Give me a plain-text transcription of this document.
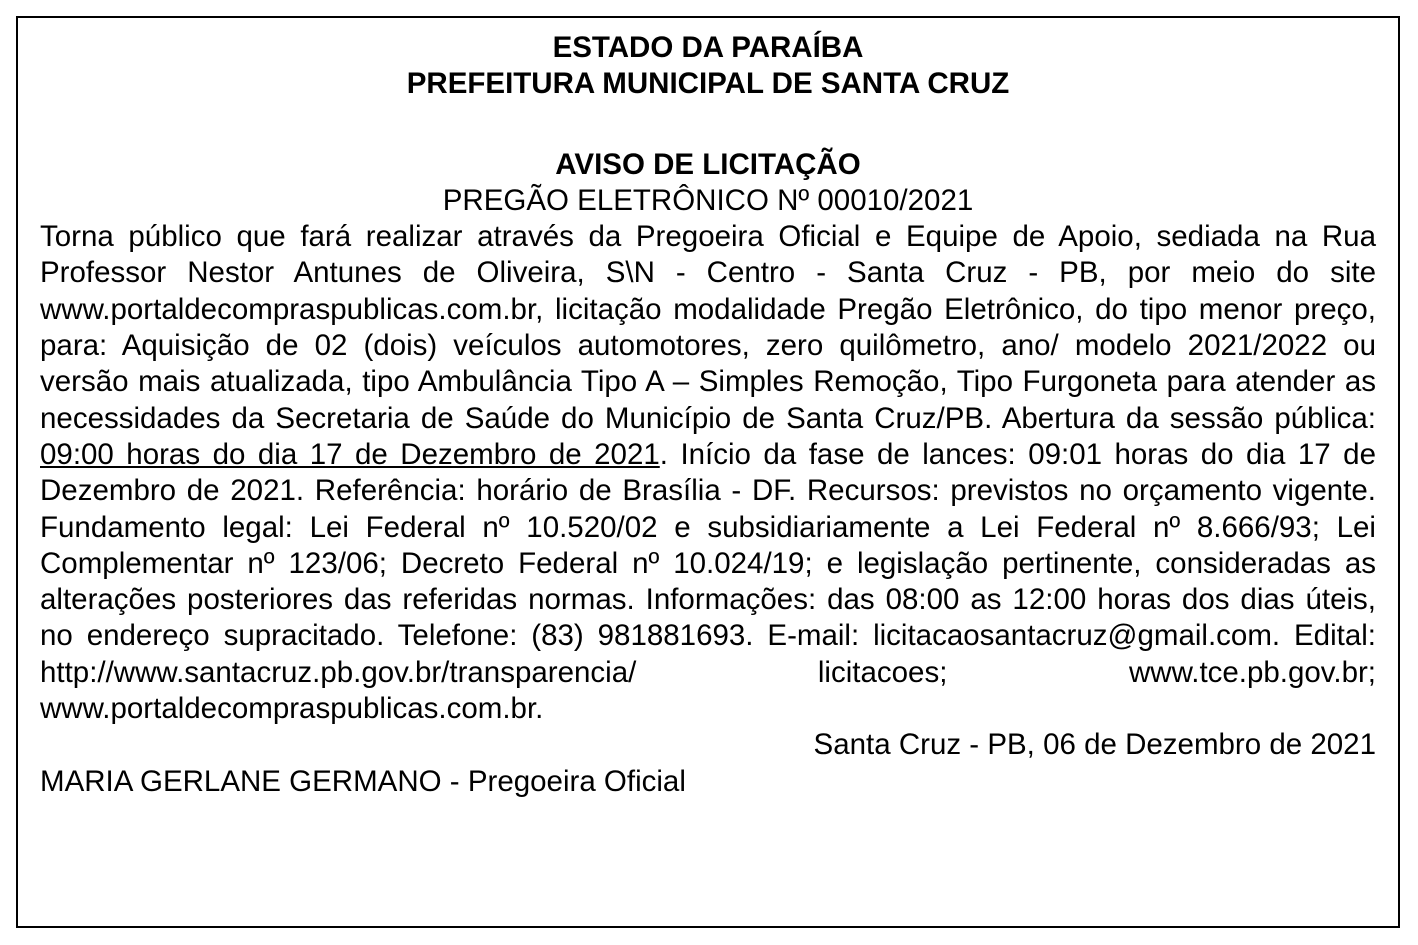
ESTADO DA PARAÍBA
PREFEITURA MUNICIPAL DE SANTA CRUZ
AVISO DE LICITAÇÃO
PREGÃO ELETRÔNICO Nº 00010/2021

Torna público que fará realizar através da Pregoeira Oficial e Equipe de Apoio, sediada na Rua Professor Nestor Antunes de Oliveira, S\N - Centro - Santa Cruz - PB, por meio do site www.portaldecompraspublicas.com.br, licitação modalidade Pregão Eletrônico, do tipo menor preço, para: Aquisição de 02 (dois) veículos automotores, zero quilômetro, ano/ modelo 2021/2022 ou versão mais atualizada, tipo Ambulância Tipo A – Simples Remoção, Tipo Furgoneta para atender as necessidades da Secretaria de Saúde do Município de Santa Cruz/PB. Abertura da sessão pública: 09:00 horas do dia 17 de Dezembro de 2021. Início da fase de lances: 09:01 horas do dia 17 de Dezembro de 2021. Referência: horário de Brasília - DF. Recursos: previstos no orçamento vigente. Fundamento legal: Lei Federal nº 10.520/02 e subsidiariamente a Lei Federal nº 8.666/93; Lei Complementar nº 123/06; Decreto Federal nº 10.024/19; e legislação pertinente, consideradas as alterações posteriores das referidas normas. Informações: das 08:00 as 12:00 horas dos dias úteis, no endereço supracitado. Telefone: (83) 981881693. E-mail: licitacaosantacruz@gmail.com. Edital: http://www.santacruz.pb.gov.br/transparencia/ licitacoes; www.tce.pb.gov.br; www.portaldecompraspublicas.com.br.

Santa Cruz - PB, 06 de Dezembro de 2021
MARIA GERLANE GERMANO - Pregoeira Oficial
